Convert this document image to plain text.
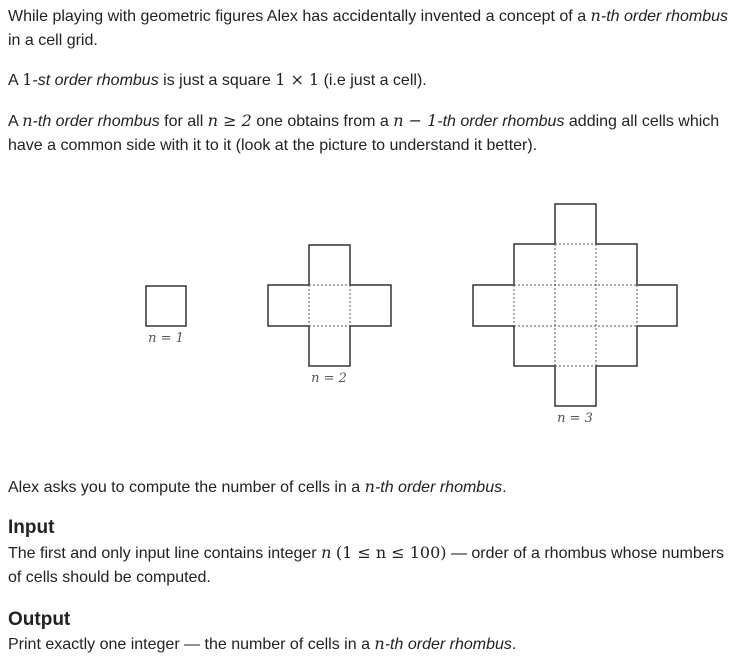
While playing with geometric figures Alex has accidentally invented a concept of a n-th order rhombus in a cell grid.

A 1-st order rhombus is just a square 1 × 1 (i.e just a cell).

A n-th order rhombus for all n ≥ 2 one obtains from a n − 1-th order rhombus adding all cells which have a common side with it to it (look at the picture to understand it better).

n = 1
n = 2
n = 3

Alex asks you to compute the number of cells in a n-th order rhombus.

Input

The first and only input line contains integer n (1 ≤ n ≤ 100) — order of a rhombus whose numbers of cells should be computed.

Output

Print exactly one integer — the number of cells in a n-th order rhombus.
